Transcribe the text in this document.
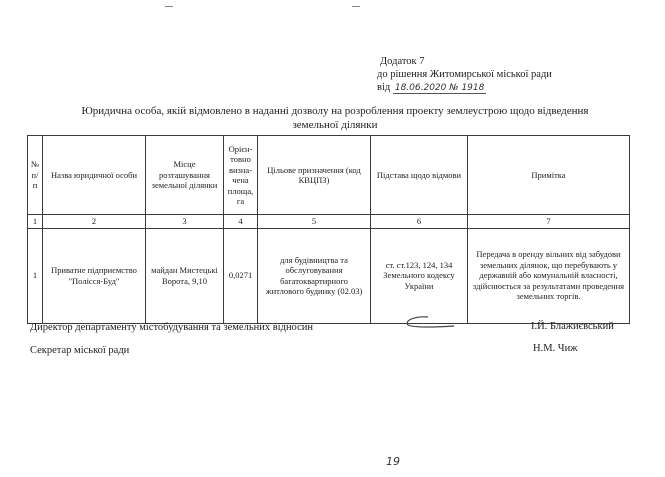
Додаток 7
до рішення Житомирської міської ради
від 18.06.2020 № 1918
Юридична особа, якій відмовлено в наданні дозволу на розроблення проекту землеустрою щодо відведення
земельної ділянки
№ п/п	Назва юридичної особи	Місце розташування земельної ділянки	Орієн-товно визна-чена площа, га	Цільове призначення (код КВЦПЗ)	Підстава щодо відмови	Примітка
1	2	3	4	5	6	7
1	Приватне підприємство "Полісся-Буд"	майдан Мистецькі Ворота, 9,10	0,0271	для будівництва та обслуговування багатоквартирного житлового будинку (02.03)	ст. ст.123, 124, 134 Земельного кодексу України	Передача в оренду вільних від забудови земельних ділянок, що перебувають у державній або комунальній власності, здійснюється за результатами проведення земельних торгів.
Директор департаменту містобудування та земельних відносин	І.Й. Блажиєвський
Секретар міської ради	Н.М. Чиж
19
